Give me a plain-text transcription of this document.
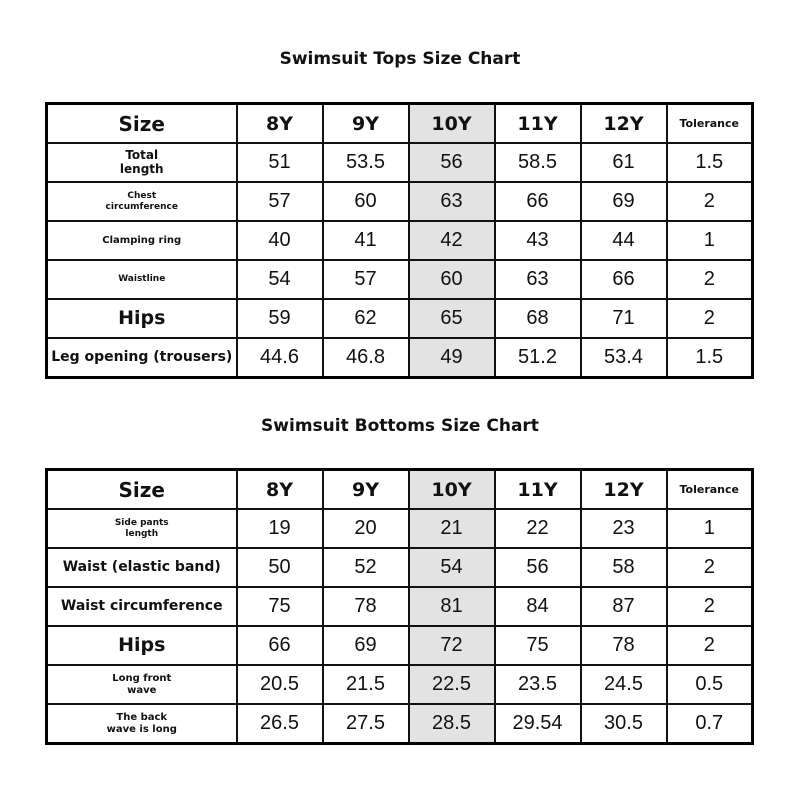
Swimsuit Tops Size Chart
Size	8Y	9Y	10Y	11Y	12Y	Tolerance
Total
length	51	53.5	56	58.5	61	1.5
Chest
circumference	57	60	63	66	69	2
Clamping ring	40	41	42	43	44	1
Waistline	54	57	60	63	66	2
Hips	59	62	65	68	71	2
Leg opening (trousers)	44.6	46.8	49	51.2	53.4	1.5
Swimsuit Bottoms Size Chart
Size	8Y	9Y	10Y	11Y	12Y	Tolerance
Side pants
length	19	20	21	22	23	1
Waist (elastic band)	50	52	54	56	58	2
Waist circumference	75	78	81	84	87	2
Hips	66	69	72	75	78	2
Long front
wave	20.5	21.5	22.5	23.5	24.5	0.5
The back
wave is long	26.5	27.5	28.5	29.54	30.5	0.7
